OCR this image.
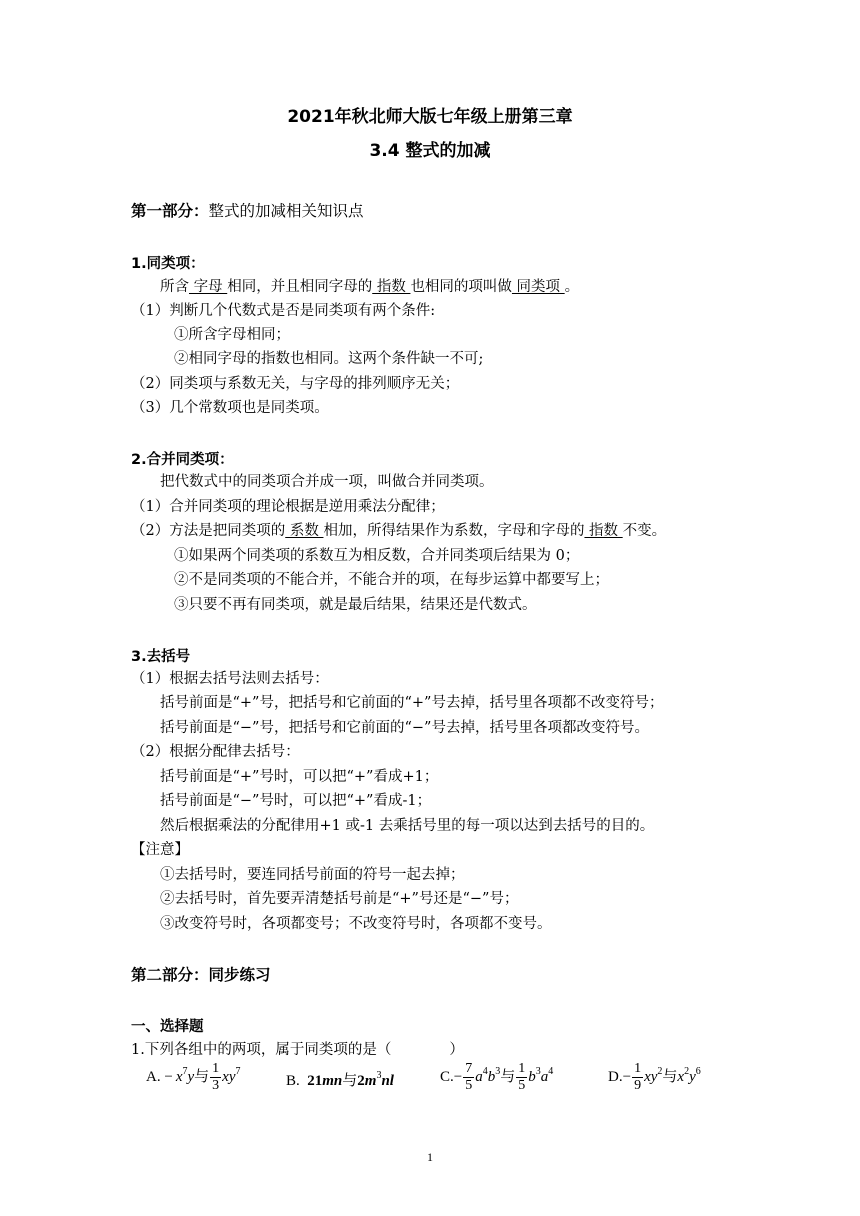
2021年秋北师大版七年级上册第三章
3.4 整式的加减
第一部分：整式的加减相关知识点
1.同类项：
所含 字母 相同，并且相同字母的 指数 也相同的项叫做 同类项 。
（1）判断几个代数式是否是同类项有两个条件:
①所含字母相同；
②相同字母的指数也相同。这两个条件缺一不可;
（2）同类项与系数无关，与字母的排列顺序无关；
（3）几个常数项也是同类项。
2.合并同类项：
把代数式中的同类项合并成一项，叫做合并同类项。
（1）合并同类项的理论根据是逆用乘法分配律；
（2）方法是把同类项的 系数 相加，所得结果作为系数，字母和字母的 指数 不变。
①如果两个同类项的系数互为相反数，合并同类项后结果为 0；
②不是同类项的不能合并，不能合并的项，在每步运算中都要写上；
③只要不再有同类项，就是最后结果，结果还是代数式。
3.去括号
（1）根据去括号法则去括号：
括号前面是“+”号，把括号和它前面的“+”号去掉，括号里各项都不改变符号；
括号前面是“−”号，把括号和它前面的“−”号去掉，括号里各项都改变符号。
（2）根据分配律去括号：
括号前面是“+”号时，可以把“+”看成+1；
括号前面是“−”号时，可以把“+”看成-1；
然后根据乘法的分配律用+1 或-1 去乘括号里的每一项以达到去括号的目的。
【注意】
①去括号时，要连同括号前面的符号一起去掉；
②去括号时，首先要弄清楚括号前是“+”号还是“−”号；
③改变符号时，各项都变号；不改变符号时，各项都不变号。
第二部分：同步练习
一、选择题
1.下列各组中的两项，属于同类项的是（　　　　）
A. − $x^7y$与 $\frac{1}{3} xy^7$
B. 21mn与$2m^3nl$	$C.- \frac{7}{5} a^4b^3$与 $\frac{1}{5} b^3a^4$	$D.- \frac{1}{9} xy^2$与$x^2y^6$
1
